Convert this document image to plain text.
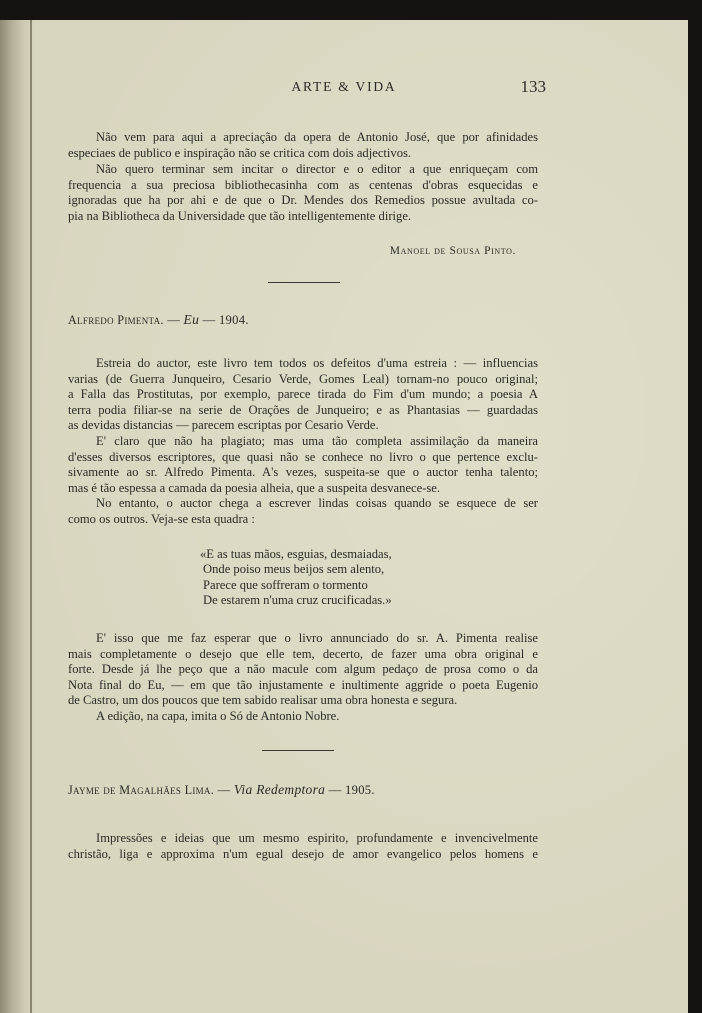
ARTE & VIDA	133
Não vem para aqui a apreciação da opera de Antonio José, que por afinidades
especiaes de publico e inspiração não se critica com dois adjectivos.
Não quero terminar sem incitar o director e o editor a que enriqueçam com
frequencia a sua preciosa bibliothecasinha com as centenas d'obras esquecidas e
ignoradas que ha por ahi e de que o Dr. Mendes dos Remedios possue avultada co-
pia na Bibliotheca da Universidade que tão intelligentemente dirige.
Manoel de Sousa Pinto.
Alfredo Pimenta. — Eu — 1904.
Estreia do auctor, este livro tem todos os defeitos d'uma estreia : — influencias
varias (de Guerra Junqueiro, Cesario Verde, Gomes Leal) tornam-no pouco original;
a Falla das Prostitutas, por exemplo, parece tirada do Fim d'um mundo; a poesia A
terra podia filiar-se na serie de Orações de Junqueiro; e as Phantasias — guardadas
as devidas distancias — parecem escriptas por Cesario Verde.
E' claro que não ha plagiato; mas uma tão completa assimilação da maneira
d'esses diversos escriptores, que quasi não se conhece no livro o que pertence exclu-
sivamente ao sr. Alfredo Pimenta. A's vezes, suspeita-se que o auctor tenha talento;
mas é tão espessa a camada da poesia alheia, que a suspeita desvanece-se.
No entanto, o auctor chega a escrever lindas coisas quando se esquece de ser
como os outros. Veja-se esta quadra :
«E as tuas mãos, esguias, desmaiadas,
Onde poiso meus beijos sem alento,
Parece que soffreram o tormento
De estarem n'uma cruz crucificadas.»
E' isso que me faz esperar que o livro annunciado do sr. A. Pimenta realise
mais completamente o desejo que elle tem, decerto, de fazer uma obra original e
forte. Desde já lhe peço que a não macule com algum pedaço de prosa como o da
Nota final do Eu, — em que tão injustamente e inultimente aggride o poeta Eugenio
de Castro, um dos poucos que tem sabido realisar uma obra honesta e segura.
A edição, na capa, imita o Só de Antonio Nobre.
Jayme de Magalhães Lima. — Via Redemptora — 1905.
Impressões e ideias que um mesmo espirito, profundamente e invencivelmente
christão, liga e approxima n'um egual desejo de amor evangelico pelos homens e
